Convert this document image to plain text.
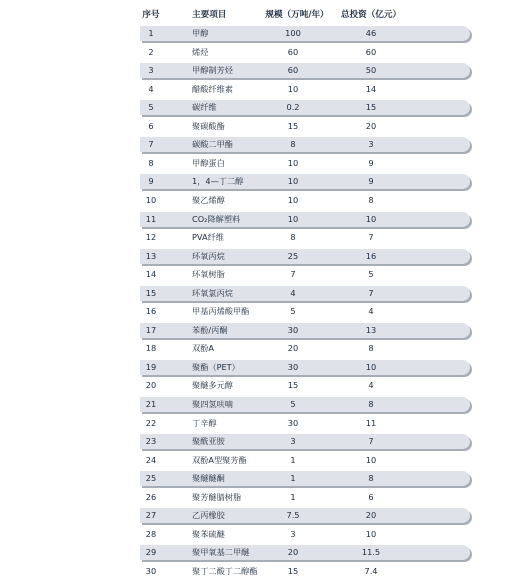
序号	主要项目	规模（万吨/年）	总投资（亿元）
1	甲醇	100	46
2	烯烃	60	60
3	甲醇制芳烃	60	50
4	醋酸纤维素	10	14
5	碳纤维	0.2	15
6	聚碳酸酯	15	20
7	碳酸二甲酯	8	3
8	甲醇蛋白	10	9
9	1，4—丁二醇	10	9
10	聚乙烯醇	10	8
11	CO₂降解塑料	10	10
12	PVA纤维	8	7
13	环氧丙烷	25	16
14	环氧树脂	7	5
15	环氧氯丙烷	4	7
16	甲基丙烯酸甲酯	5	4
17	苯酚/丙酮	30	13
18	双酚A	20	8
19	聚酯（PET）	30	10
20	聚醚多元醇	15	4
21	聚四氢呋喃	5	8
22	丁辛醇	30	11
23	聚酰亚胺	3	7
24	双酚A型聚芳酯	1	10
25	聚醚醚酮	1	8
26	聚芳醚腈树脂	1	6
27	乙丙橡胶	7.5	20
28	聚苯硫醚	3	10
29	聚甲氧基二甲醚	20	11.5
30	聚丁二酸丁二醇酯	15	7.4
